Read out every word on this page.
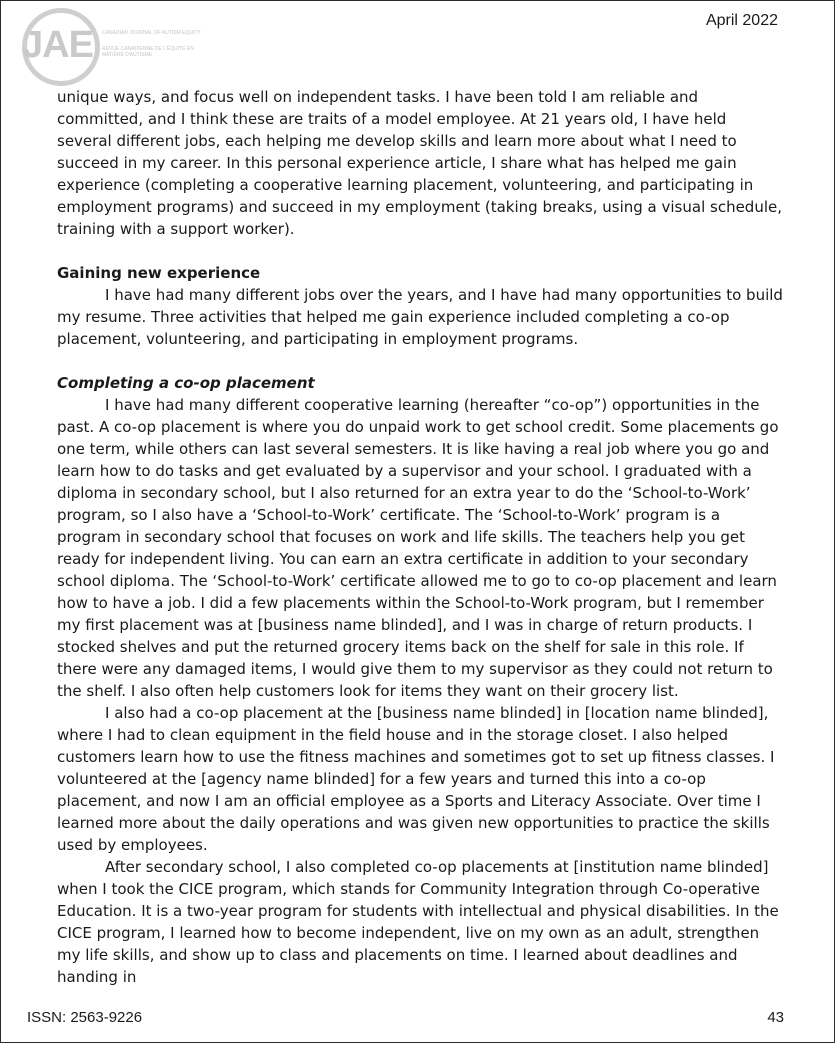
JAE CANADIAN JOURNAL OF AUTISM EQUITY
REVUE CANADIENNE DE L'ÉQUITÉ EN MATIÈRE D'AUTISME
April 2022

unique ways, and focus well on independent tasks. I have been told I am reliable and committed, and I think these are traits of a model employee. At 21 years old, I have held several different jobs, each helping me develop skills and learn more about what I need to succeed in my career. In this personal experience article, I share what has helped me gain experience (completing a cooperative learning placement, volunteering, and participating in employment programs) and succeed in my employment (taking breaks, using a visual schedule, training with a support worker).

Gaining new experience

I have had many different jobs over the years, and I have had many opportunities to build my resume. Three activities that helped me gain experience included completing a co-op placement, volunteering, and participating in employment programs.

Completing a co-op placement

I have had many different cooperative learning (hereafter “co-op”) opportunities in the past. A co-op placement is where you do unpaid work to get school credit. Some placements go one term, while others can last several semesters. It is like having a real job where you go and learn how to do tasks and get evaluated by a supervisor and your school. I graduated with a diploma in secondary school, but I also returned for an extra year to do the ‘School-to-Work’ program, so I also have a ‘School-to-Work’ certificate. The ‘School-to-Work’ program is a program in secondary school that focuses on work and life skills. The teachers help you get ready for independent living. You can earn an extra certificate in addition to your secondary school diploma. The ‘School-to-Work’ certificate allowed me to go to co-op placement and learn how to have a job. I did a few placements within the School-to-Work program, but I remember my first placement was at [business name blinded], and I was in charge of return products. I stocked shelves and put the returned grocery items back on the shelf for sale in this role. If there were any damaged items, I would give them to my supervisor as they could not return to the shelf. I also often help customers look for items they want on their grocery list.

I also had a co-op placement at the [business name blinded] in [location name blinded], where I had to clean equipment in the field house and in the storage closet. I also helped customers learn how to use the fitness machines and sometimes got to set up fitness classes. I volunteered at the [agency name blinded] for a few years and turned this into a co-op placement, and now I am an official employee as a Sports and Literacy Associate. Over time I learned more about the daily operations and was given new opportunities to practice the skills used by employees.

After secondary school, I also completed co-op placements at [institution name blinded] when I took the CICE program, which stands for Community Integration through Co-operative Education. It is a two-year program for students with intellectual and physical disabilities. In the CICE program, I learned how to become independent, live on my own as an adult, strengthen my life skills, and show up to class and placements on time. I learned about deadlines and handing in

ISSN: 2563-9226	43
